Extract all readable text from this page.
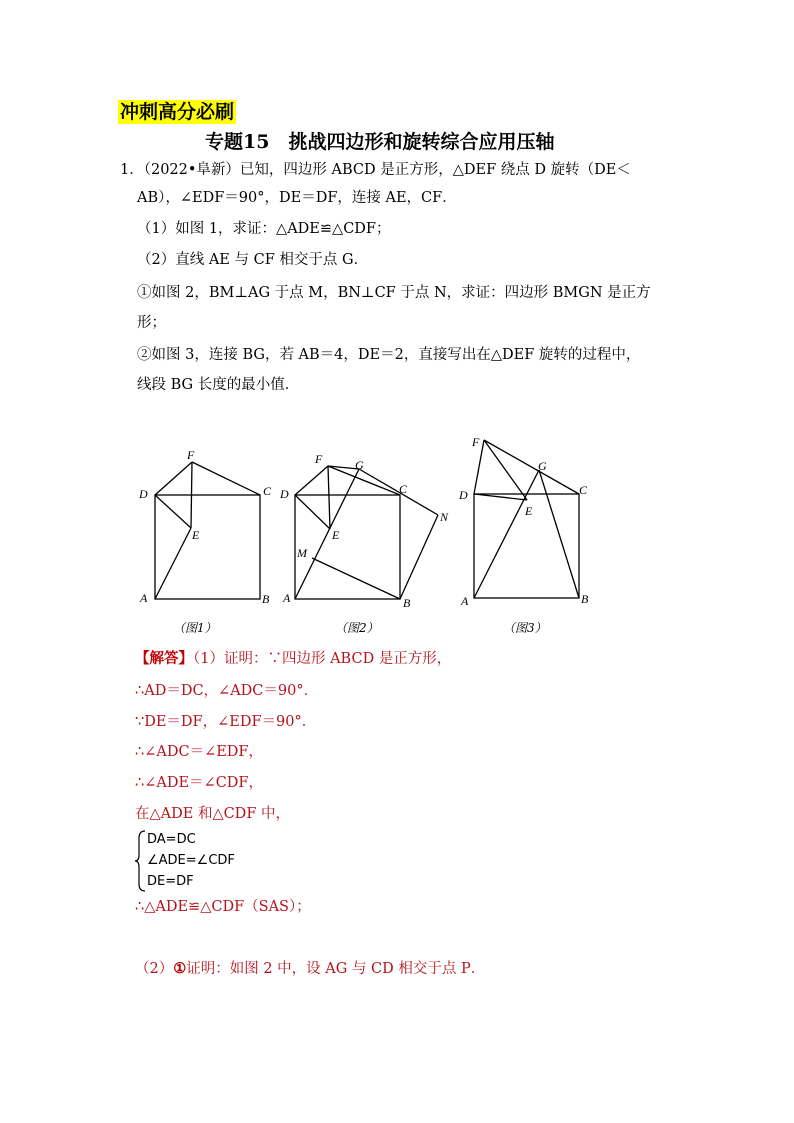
冲刺高分必刷
专题15　挑战四边形和旋转综合应用压轴
1．（2022•阜新）已知，四边形 ABCD 是正方形，△DEF 绕点 D 旋转（DE＜
AB），∠EDF＝90°，DE＝DF，连接 AE，CF．
（1）如图 1，求证：△ADE≌△CDF；
（2）直线 AE 与 CF 相交于点 G．
①如图 2，BM⊥AG 于点 M，BN⊥CF 于点 N，求证：四边形 BMGN 是正方
形；
②如图 3，连接 BG，若 AB＝4，DE＝2，直接写出在△DEF 旋转的过程中，
线段 BG 长度的最小值．
F
D	C
E
A	B
（图1）
F	G
D	C
N
E
M
A	B
（图2）
F
G
D
E
C
A	B
（图3）
【解答】（1）证明：∵四边形 ABCD 是正方形，
∴AD＝DC，∠ADC＝90°．
∵DE＝DF，∠EDF＝90°．
∴∠ADC＝∠EDF，
∴∠ADE＝∠CDF，
在△ADE 和△CDF 中，
DA=DC
∠ADE=∠CDF
DE=DF
∴△ADE≌△CDF（SAS）；
（2）①证明：如图 2 中，设 AG 与 CD 相交于点 P．
